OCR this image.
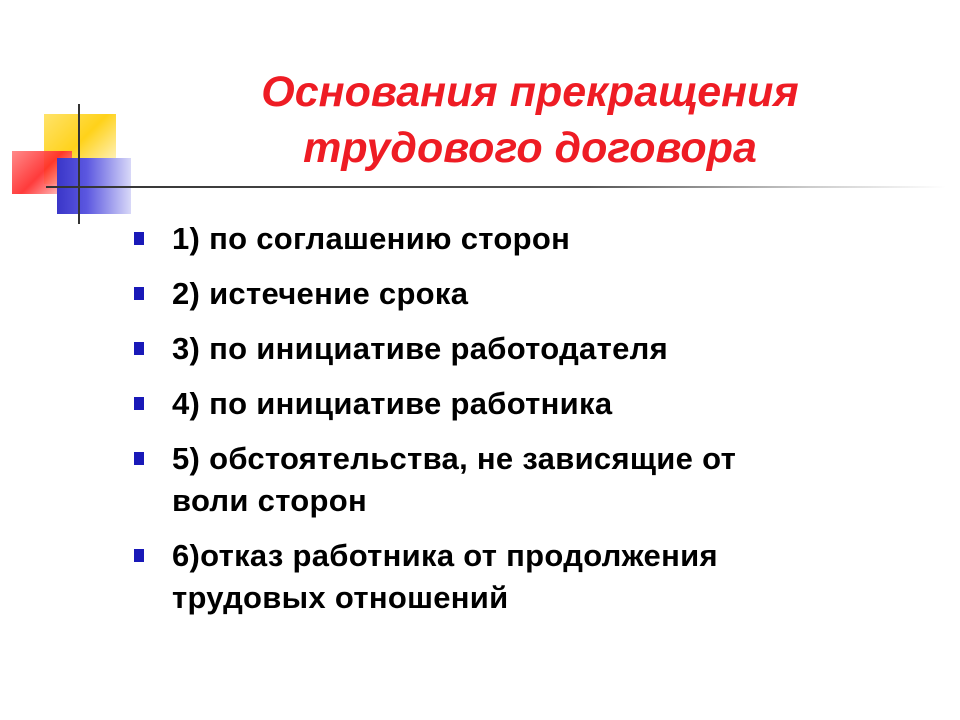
Основания прекращения
трудового договора
1) по соглашению сторон
2) истечение срока
3) по инициативе работодателя
4) по инициативе работника
5) обстоятельства, не зависящие от
воли сторон
6)отказ работника от продолжения
трудовых отношений
